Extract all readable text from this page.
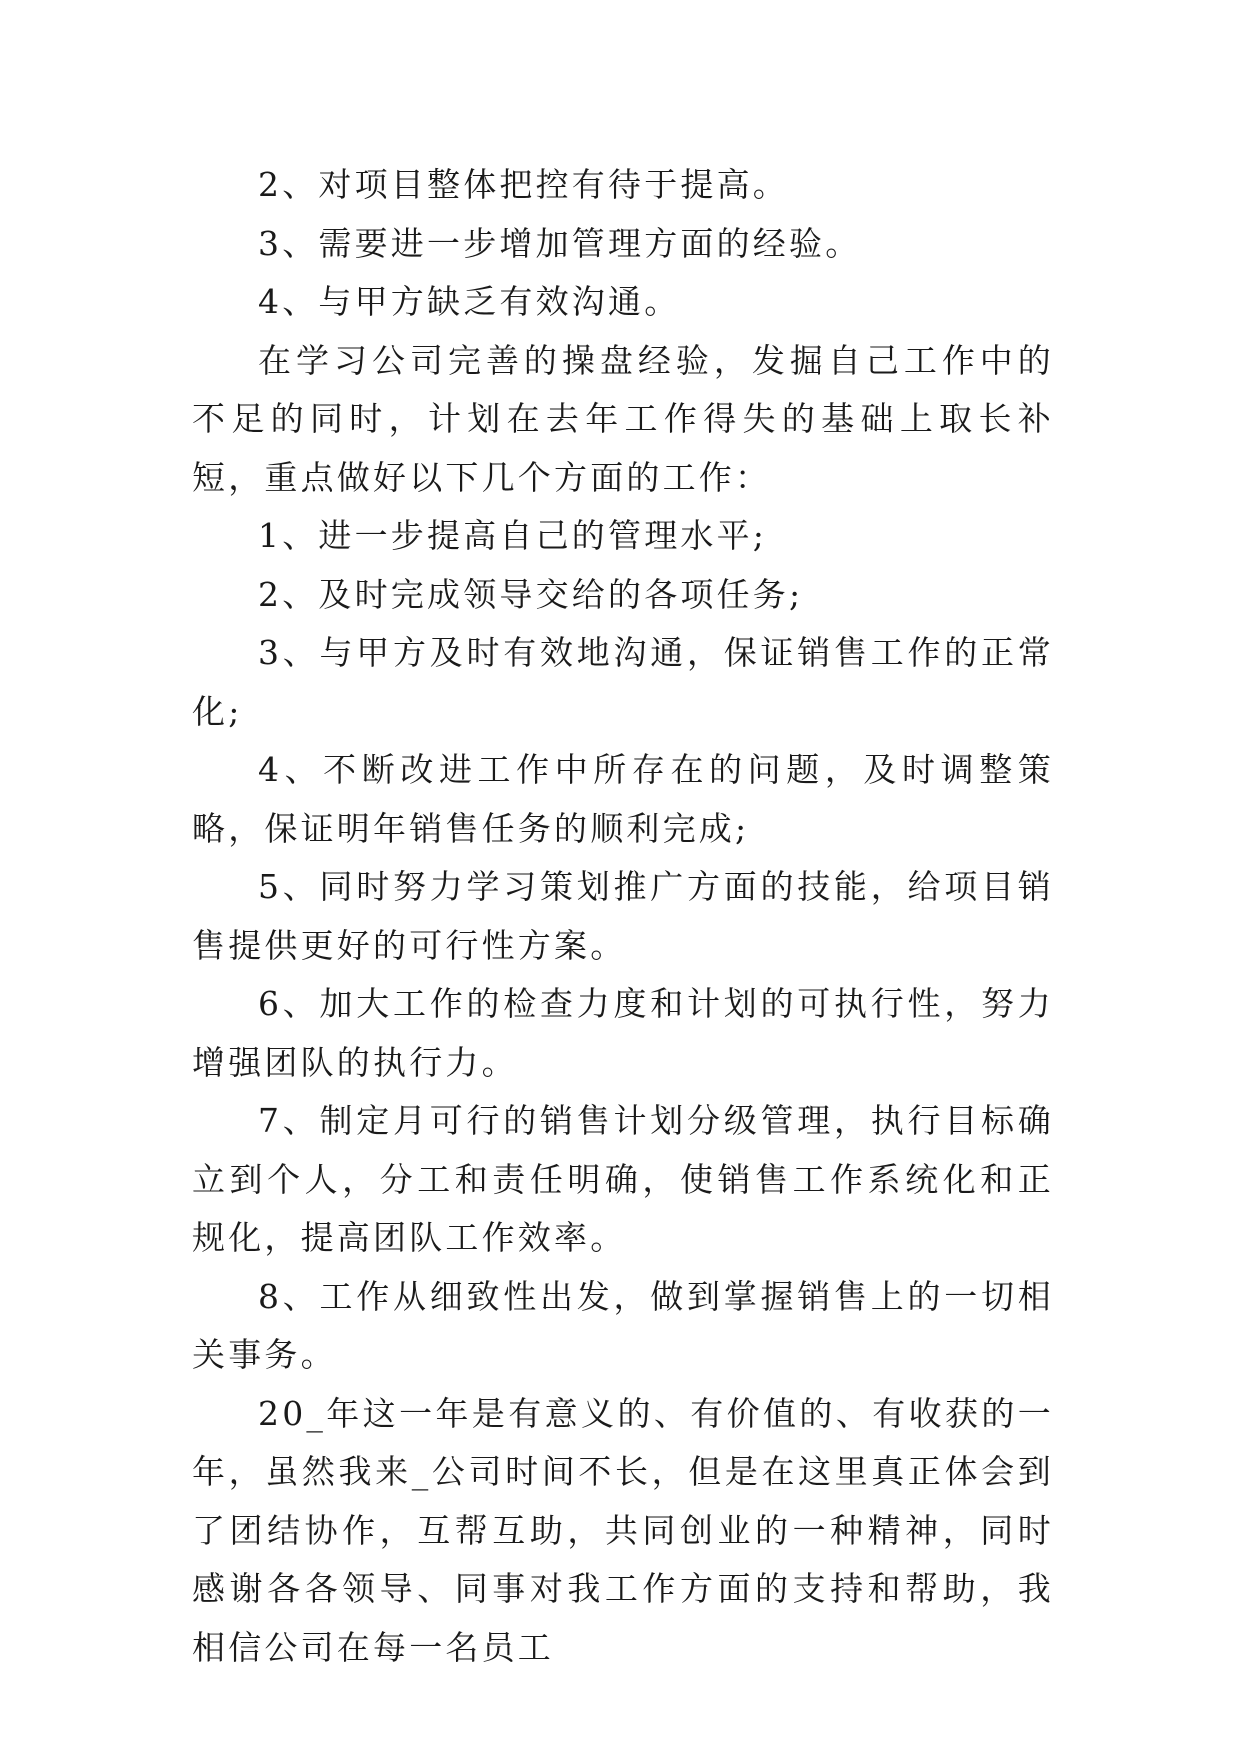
2、对项目整体把控有待于提高。

3、需要进一步增加管理方面的经验。

4、与甲方缺乏有效沟通。

在学习公司完善的操盘经验，发掘自己工作中的不足的同时，计划在去年工作得失的基础上取长补短，重点做好以下几个方面的工作：

1、进一步提高自己的管理水平;

2、及时完成领导交给的各项任务;

3、与甲方及时有效地沟通，保证销售工作的正常化;

4、不断改进工作中所存在的问题，及时调整策略，保证明年销售任务的顺利完成;

5、同时努力学习策划推广方面的技能，给项目销售提供更好的可行性方案。

6、加大工作的检查力度和计划的可执行性，努力增强团队的执行力。

7、制定月可行的销售计划分级管理，执行目标确立到个人，分工和责任明确，使销售工作系统化和正规化，提高团队工作效率。

8、工作从细致性出发，做到掌握销售上的一切相关事务。

20_年这一年是有意义的、有价值的、有收获的一年，虽然我来_公司时间不长，但是在这里真正体会到了团结协作，互帮互助，共同创业的一种精神，同时感谢各各领导、同事对我工作方面的支持和帮助，我相信公司在每一名员工
